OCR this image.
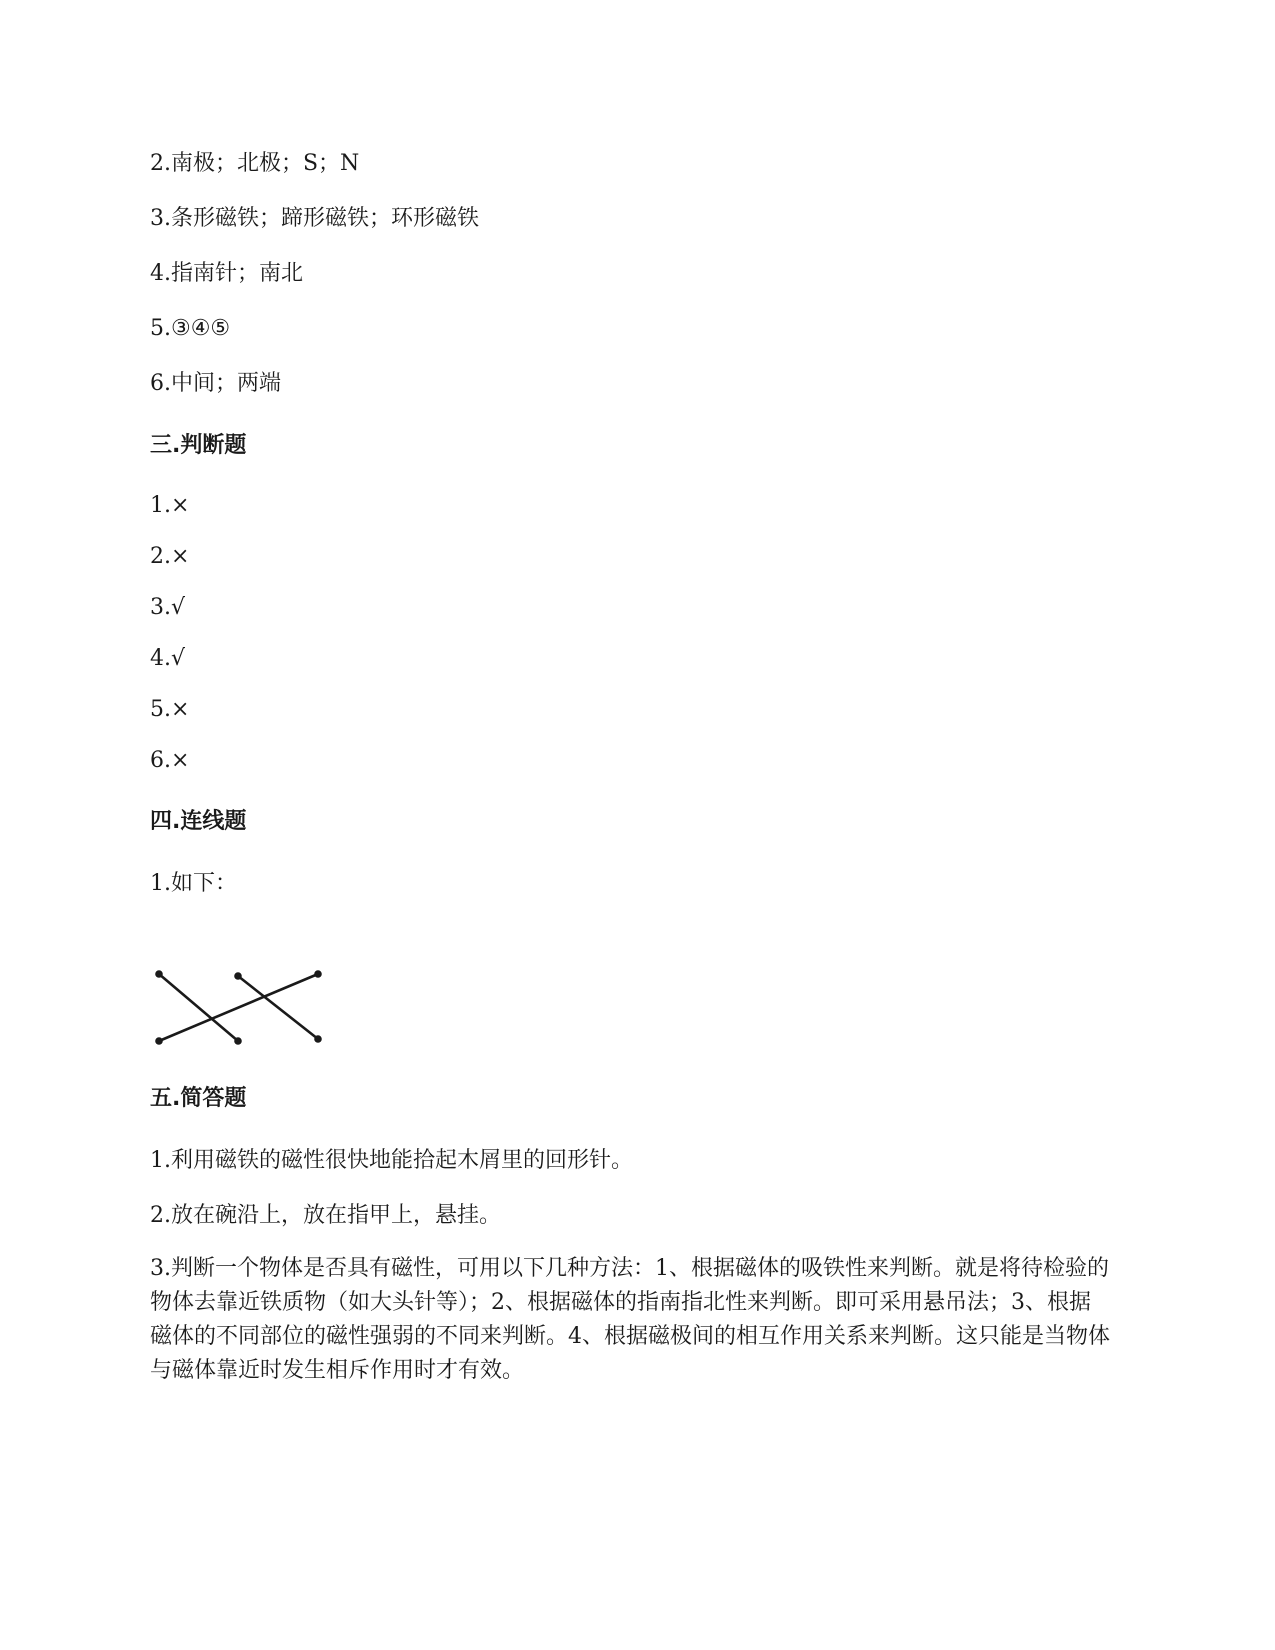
2.南极；北极；S；N
3.条形磁铁；蹄形磁铁；环形磁铁
4.指南针；南北
5.③④⑤
6.中间；两端
三.判断题
1.×
2.×
3.√
4.√
5.×
6.×
四.连线题
1.如下：
五.简答题
1.利用磁铁的磁性很快地能拾起木屑里的回形针。
2.放在碗沿上，放在指甲上，悬挂。
3.判断一个物体是否具有磁性，可用以下几种方法：1、根据磁体的吸铁性来判断。就是将待检验的物体去靠近铁质物（如大头针等）；2、根据磁体的指南指北性来判断。即可采用悬吊法；3、根据磁体的不同部位的磁性强弱的不同来判断。4、根据磁极间的相互作用关系来判断。这只能是当物体与磁体靠近时发生相斥作用时才有效。
